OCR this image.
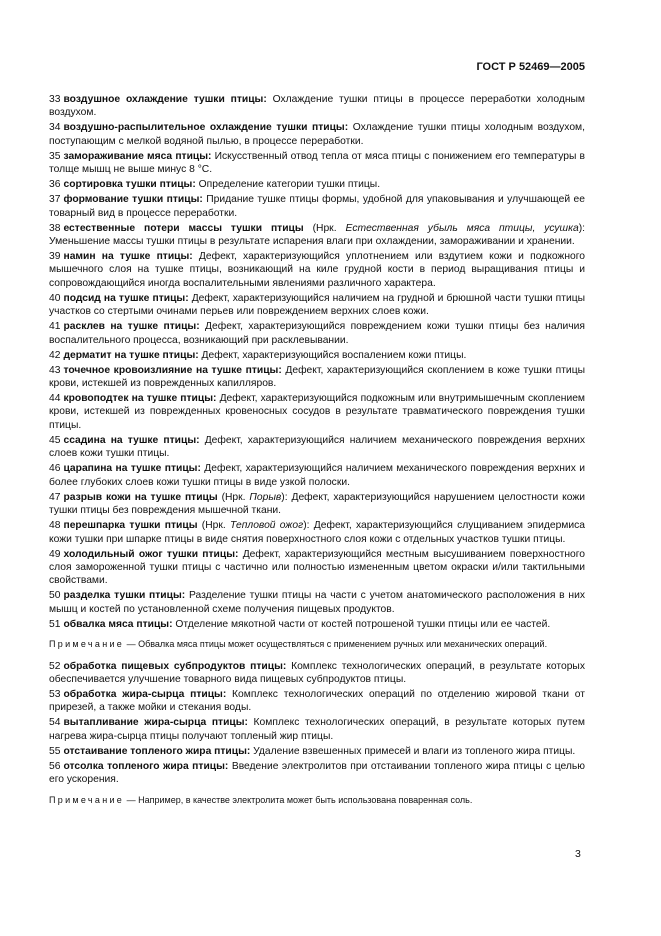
ГОСТ Р 52469—2005

33 воздушное охлаждение тушки птицы: Охлаждение тушки птицы в процессе переработки холодным воздухом.

34 воздушно-распылительное охлаждение тушки птицы: Охлаждение тушки птицы холодным воздухом, поступающим с мелкой водяной пылью, в процессе переработки.

35 замораживание мяса птицы: Искусственный отвод тепла от мяса птицы с понижением его температуры в толще мышц не выше минус 8 °С.

36 сортировка тушки птицы: Определение категории тушки птицы.

37 формование тушки птицы: Придание тушке птицы формы, удобной для упаковывания и улучшающей ее товарный вид в процессе переработки.

38 естественные потери массы тушки птицы (Нрк. Естественная убыль мяса птицы, усушка): Уменьшение массы тушки птицы в результате испарения влаги при охлаждении, замораживании и хранении.

39 намин на тушке птицы: Дефект, характеризующийся уплотнением или вздутием кожи и подкожного мышечного слоя на тушке птицы, возникающий на киле грудной кости в период выращивания птицы и сопровождающийся иногда воспалительными явлениями различного характера.

40 подсид на тушке птицы: Дефект, характеризующийся наличием на грудной и брюшной части тушки птицы участков со стертыми очинами перьев или повреждением верхних слоев кожи.

41 расклев на тушке птицы: Дефект, характеризующийся повреждением кожи тушки птицы без наличия воспалительного процесса, возникающий при расклевывании.

42 дерматит на тушке птицы: Дефект, характеризующийся воспалением кожи птицы.

43 точечное кровоизлияние на тушке птицы: Дефект, характеризующийся скоплением в коже тушки птицы крови, истекшей из поврежденных капилляров.

44 кровоподтек на тушке птицы: Дефект, характеризующийся подкожным или внутримышечным скоплением крови, истекшей из поврежденных кровеносных сосудов в результате травматического повреждения тушки птицы.

45 ссадина на тушке птицы: Дефект, характеризующийся наличием механического повреждения верхних слоев кожи тушки птицы.

46 царапина на тушке птицы: Дефект, характеризующийся наличием механического повреждения верхних и более глубоких слоев кожи тушки птицы в виде узкой полоски.

47 разрыв кожи на тушке птицы (Нрк. Порыв): Дефект, характеризующийся нарушением целостности кожи тушки птицы без повреждения мышечной ткани.

48 перешпарка тушки птицы (Нрк. Тепловой ожог): Дефект, характеризующийся слущиванием эпидермиса кожи тушки при шпарке птицы в виде снятия поверхностного слоя кожи с отдельных участков тушки птицы.

49 холодильный ожог тушки птицы: Дефект, характеризующийся местным высушиванием поверхностного слоя замороженной тушки птицы с частично или полностью измененным цветом окраски и/или тактильными свойствами.

50 разделка тушки птицы: Разделение тушки птицы на части с учетом анатомического расположения в них мышц и костей по установленной схеме получения пищевых продуктов.

51 обвалка мяса птицы: Отделение мякотной части от костей потрошеной тушки птицы или ее частей.

Примечание — Обвалка мяса птицы может осуществляться с применением ручных или механических операций.

52 обработка пищевых субпродуктов птицы: Комплекс технологических операций, в результате которых обеспечивается улучшение товарного вида пищевых субпродуктов птицы.

53 обработка жира-сырца птицы: Комплекс технологических операций по отделению жировой ткани от прирезей, а также мойки и стекания воды.

54 вытапливание жира-сырца птицы: Комплекс технологических операций, в результате которых путем нагрева жира-сырца птицы получают топленый жир птицы.

55 отстаивание топленого жира птицы: Удаление взвешенных примесей и влаги из топленого жира птицы.

56 отсолка топленого жира птицы: Введение электролитов при отстаивании топленого жира птицы с целью его ускорения.

Примечание — Например, в качестве электролита может быть использована поваренная соль.

3
